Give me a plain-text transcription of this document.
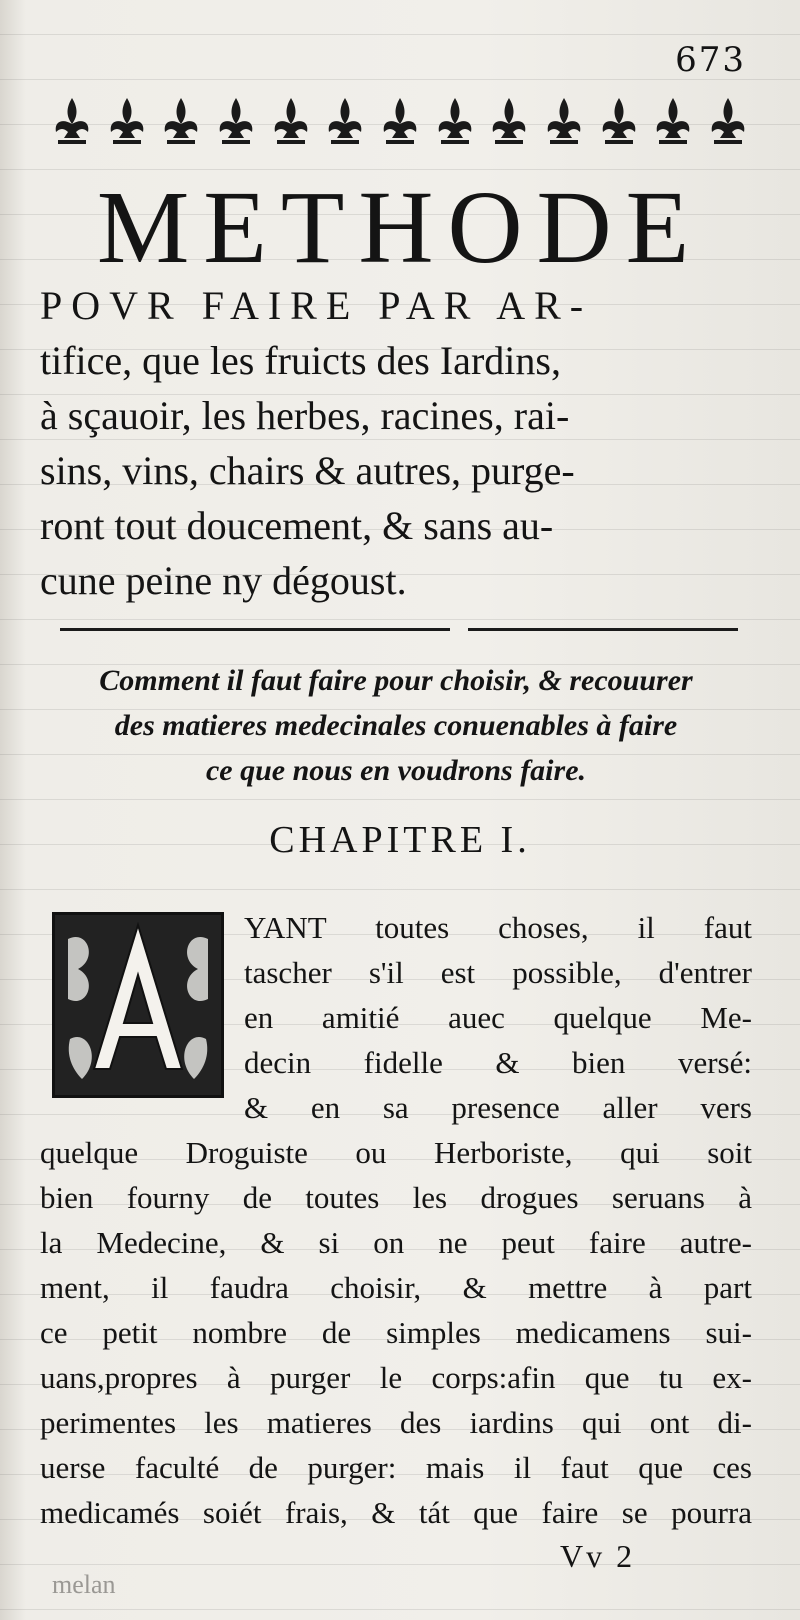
673
METHODE
POVR FAIRE PAR AR-
tifice, que les fruicts des Iardins,
à sçauoir, les herbes, racines, rai-
sins, vins, chairs & autres, purge-
ront tout doucement, & sans au-
cune peine ny dégoust.
Comment il faut faire pour choisir, & recouurer
des matieres medecinales conuenables à faire
ce que nous en voudrons faire.
CHAPITRE I.
YANT toutes choses, il faut
tascher s'il est possible, d'entrer
en amitié auec quelque Me-
decin fidelle & bien versé:
& en sa presence aller vers
quelque Droguiste ou Herboriste, qui soit
bien fourny de toutes les drogues seruans à
la Medecine, & si on ne peut faire autre-
ment, il faudra choisir, & mettre à part
ce petit nombre de simples medicamens sui-
uans,propres à purger le corps:afin que tu ex-
perimentes les matieres des iardins qui ont di-
uerse faculté de purger: mais il faut que ces
medicamés soiét frais, & tát que faire se pourra
Vv 2
melan
